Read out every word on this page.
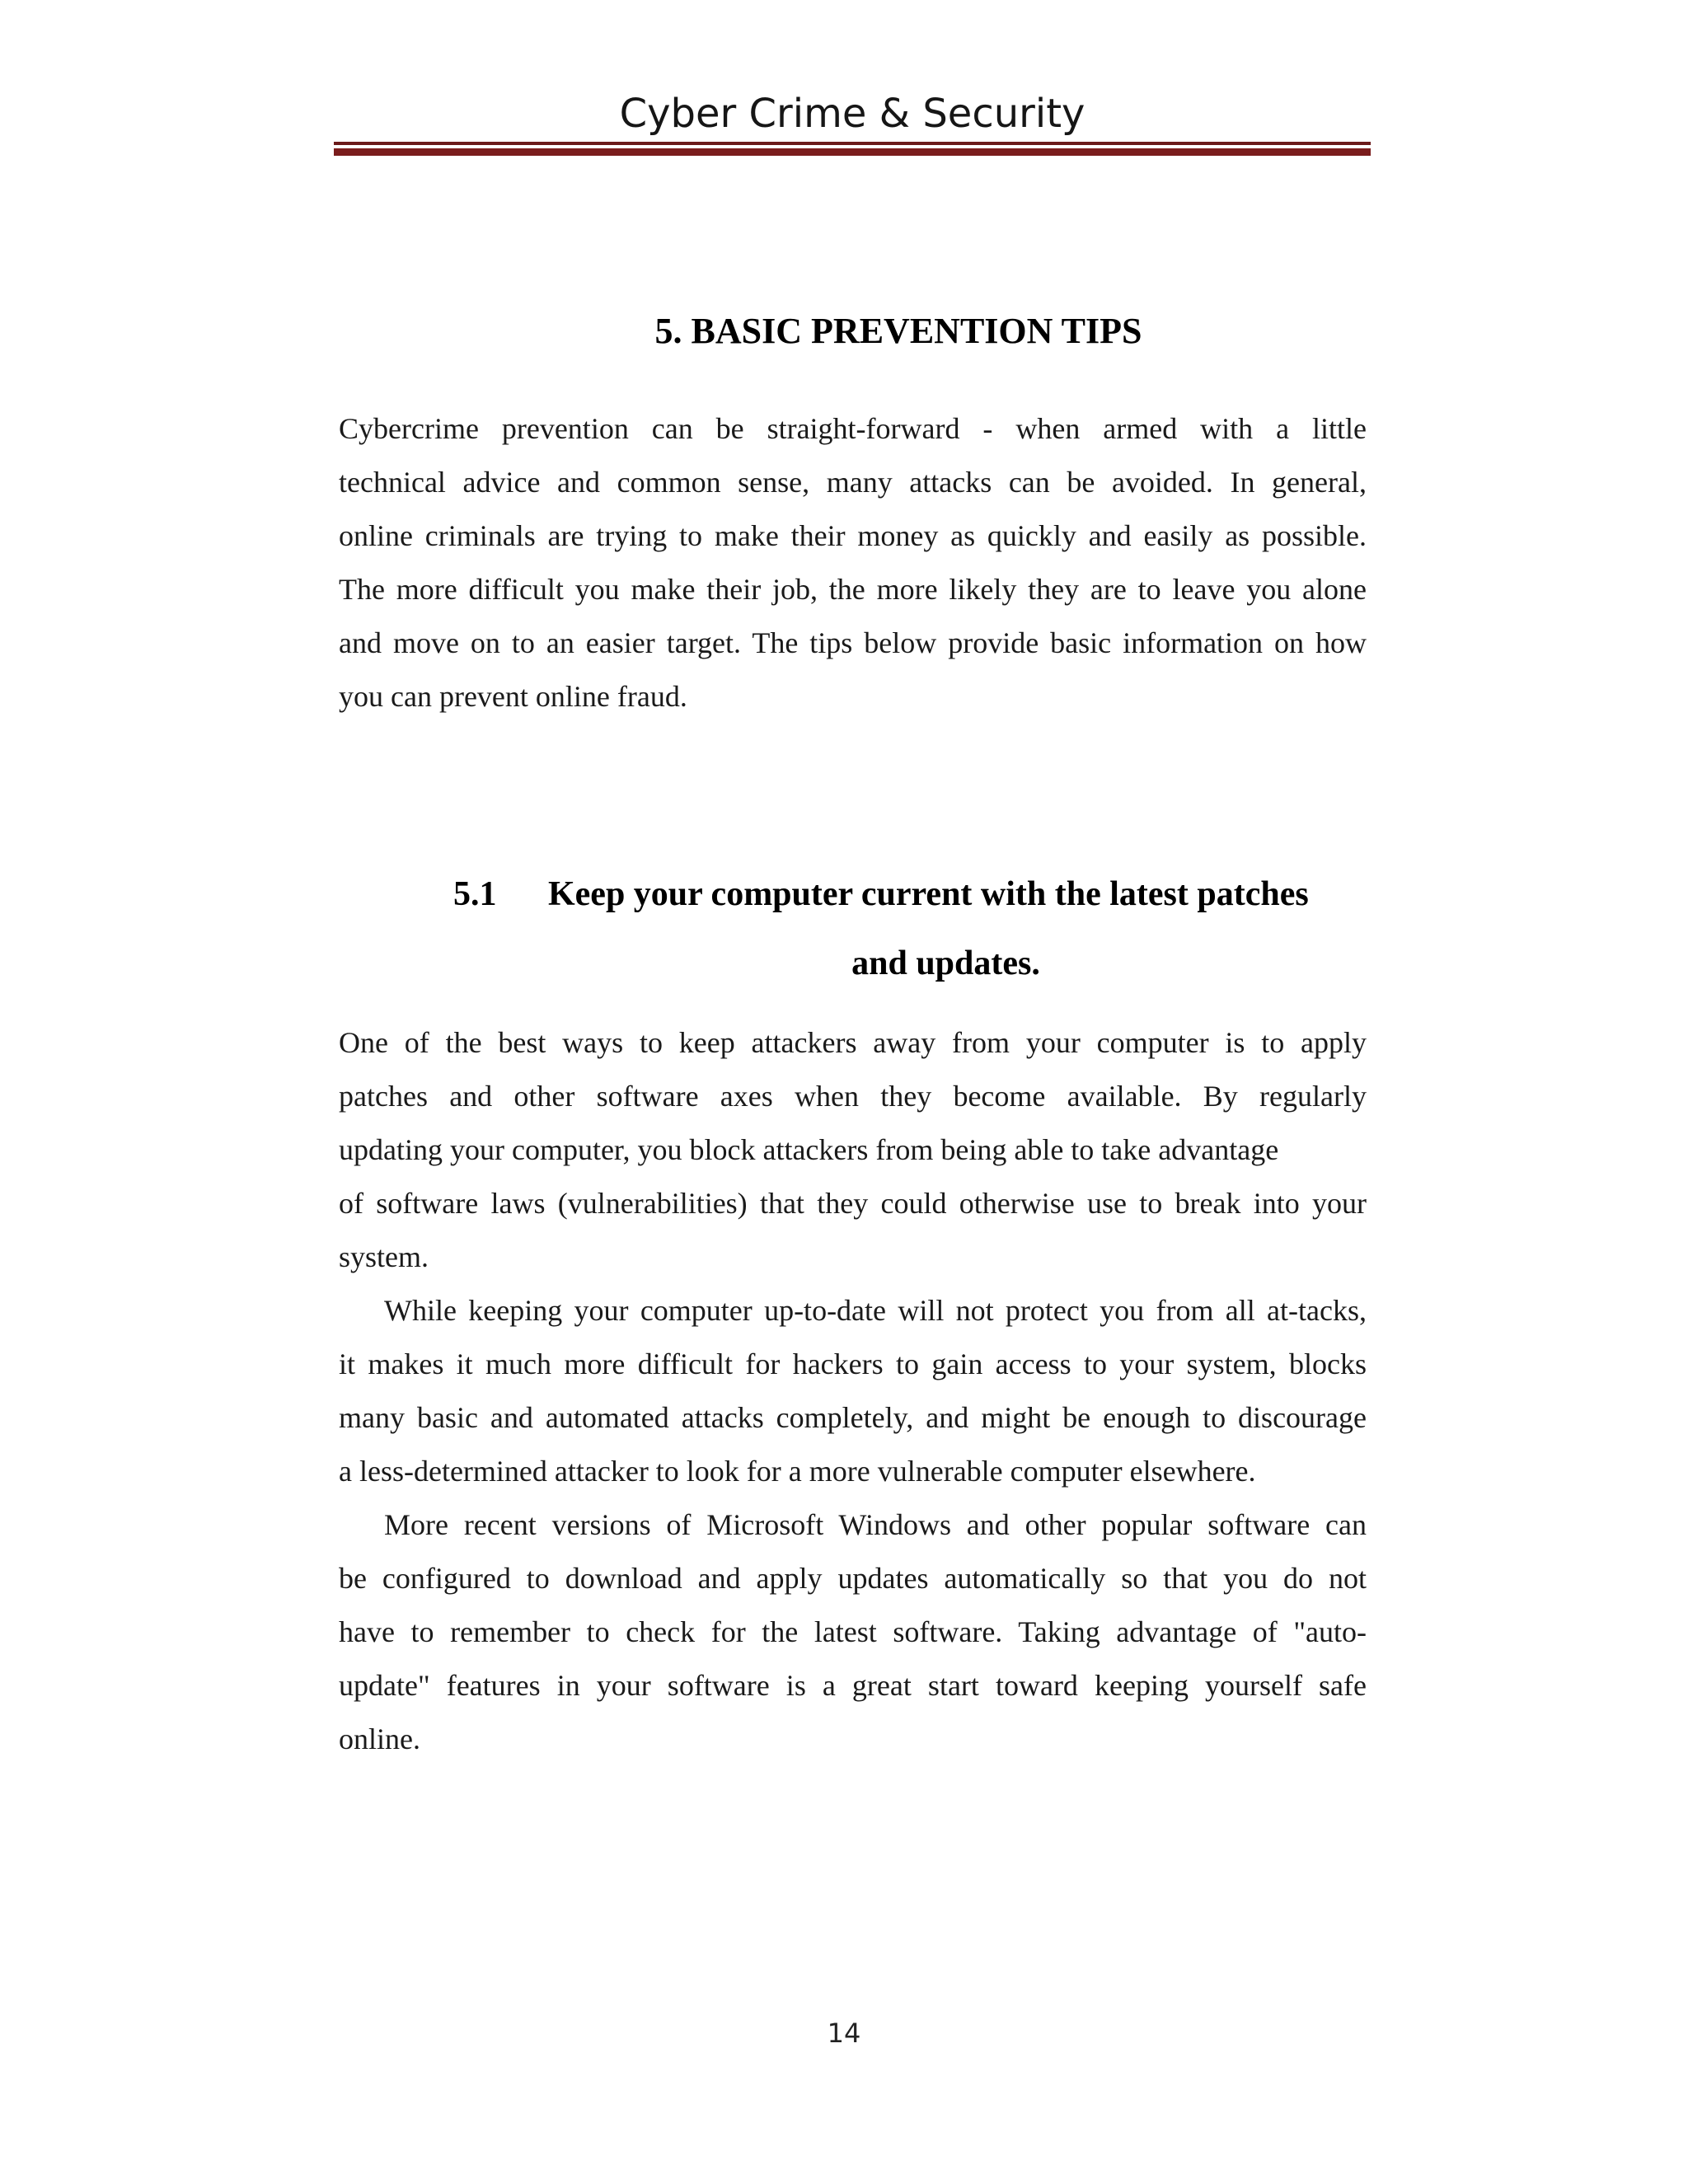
Cyber Crime & Security
5. BASIC PREVENTION TIPS
Cybercrime prevention can be straight-forward - when armed with a little
technical advice and common sense, many attacks can be avoided. In general,
online criminals are trying to make their money as quickly and easily as possible.
The more difficult you make their job, the more likely they are to leave you alone
and move on to an easier target. The tips below provide basic information on how
you can prevent online fraud.
5.1 Keep your computer current with the latest patches
and updates.
One of the best ways to keep attackers away from your computer is to apply
patches and other software axes when they become available. By regularly
updating your computer, you block attackers from being able to take advantage
of software laws (vulnerabilities) that they could otherwise use to break into your
system.
While keeping your computer up-to-date will not protect you from all at-tacks,
it makes it much more difficult for hackers to gain access to your system, blocks
many basic and automated attacks completely, and might be enough to discourage
a less-determined attacker to look for a more vulnerable computer elsewhere.
More recent versions of Microsoft Windows and other popular software can
be configured to download and apply updates automatically so that you do not
have to remember to check for the latest software. Taking advantage of "auto-
update" features in your software is a great start toward keeping yourself safe
online.
14
